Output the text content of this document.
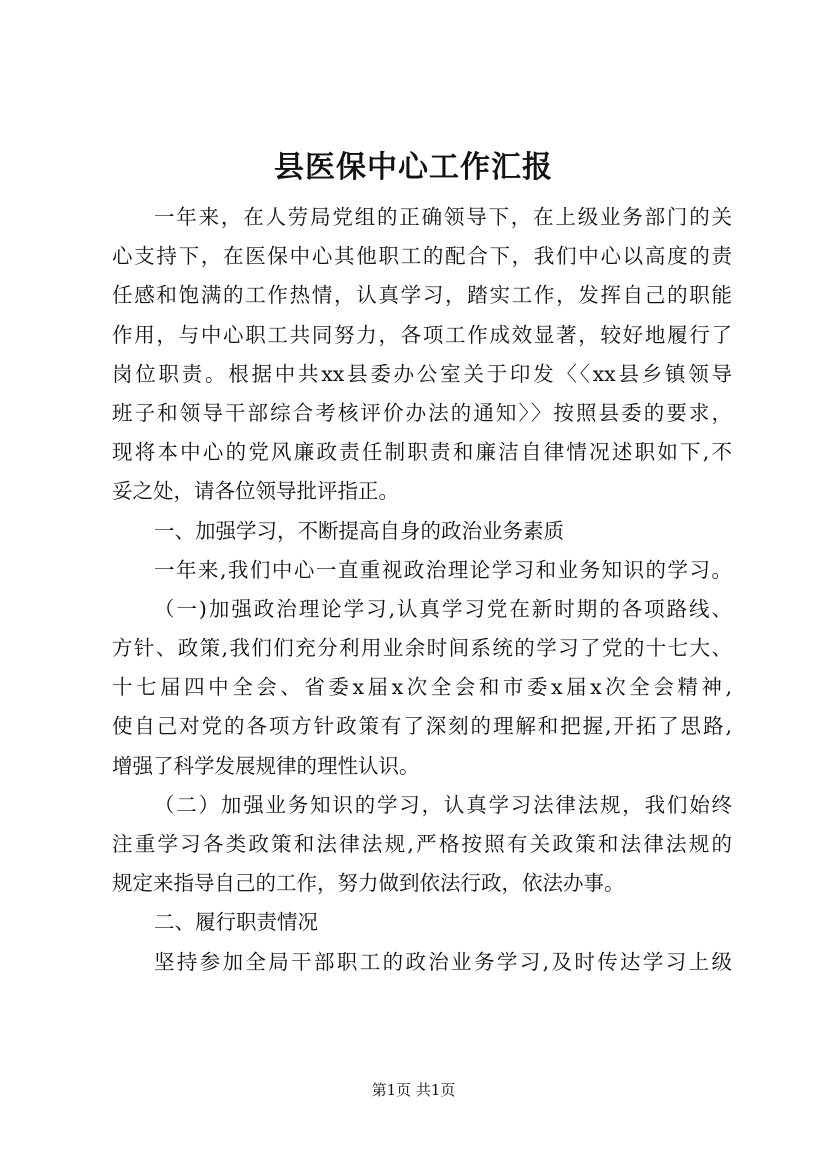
县医保中心工作汇报
一年来，在人劳局党组的正确领导下，在上级业务部门的关
心支持下，在医保中心其他职工的配合下，我们中心以高度的责
任感和饱满的工作热情，认真学习，踏实工作，发挥自己的职能
作用，与中心职工共同努力，各项工作成效显著，较好地履行了
岗位职责。根据中共xx县委办公室关于印发〈〈xx县乡镇领导
班子和领导干部综合考核评价办法的通知〉〉按照县委的要求，
现将本中心的党风廉政责任制职责和廉洁自律情况述职如下,不
妥之处，请各位领导批评指正。
一、加强学习，不断提高自身的政治业务素质
一年来,我们中心一直重视政治理论学习和业务知识的学习。
（一)加强政治理论学习,认真学习党在新时期的各项路线、
方针、政策,我们们充分利用业余时间系统的学习了党的十七大、
十七届四中全会、省委x届x次全会和市委x届x次全会精神,
使自己对党的各项方针政策有了深刻的理解和把握,开拓了思路,
增强了科学发展规律的理性认识。
（二）加强业务知识的学习，认真学习法律法规，我们始终
注重学习各类政策和法律法规,严格按照有关政策和法律法规的
规定来指导自己的工作，努力做到依法行政，依法办事。
二、履行职责情况
坚持参加全局干部职工的政治业务学习,及时传达学习上级
第1页 共1页
